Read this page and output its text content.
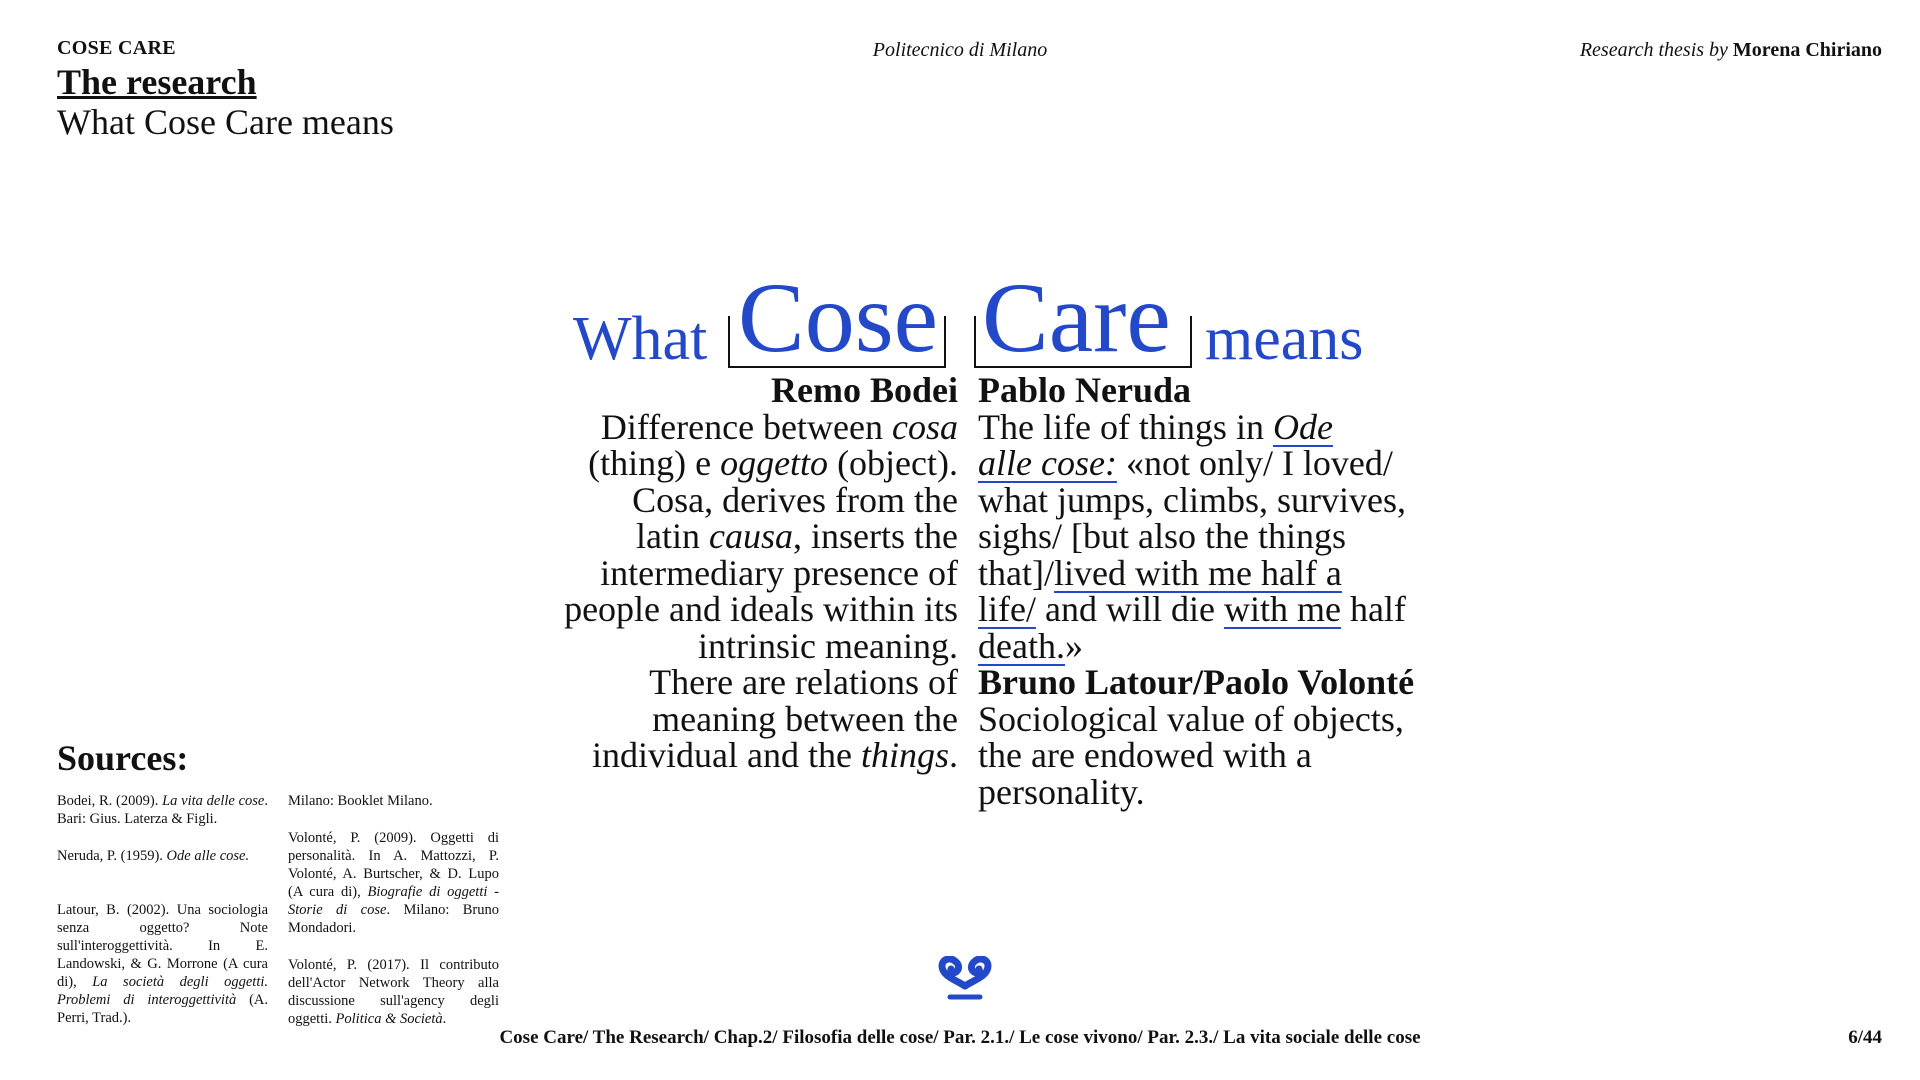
COSE CARE
The research
What Cose Care means
Politecnico di Milano	Research thesis by Morena Chiriano
What Cose Care means
Remo Bodei
Difference between cosa
(thing) e oggetto (object).
Cosa, derives from the
latin causa, inserts the
intermediary presence of
people and ideals within its
intrinsic meaning.
There are relations of
meaning between the
individual and the things.
Pablo Neruda
The life of things in Ode
alle cose: «not only/ I loved/
what jumps, climbs, survives,
sighs/ [but also the things
that]/lived with me half a
life/ and will die with me half
death.»
Bruno Latour/Paolo Volonté
Sociological value of objects,
the are endowed with a
personality.
Sources:

Bodei, R. (2009). La vita delle cose. Bari: Gius. Laterza & Figli.

Neruda, P. (1959). Ode alle cose.

Latour, B. (2002). Una sociologia senza oggetto? Note sull'interoggettività. In E. Landowski, & G. Morrone (A cura di), La società degli oggetti. Problemi di interoggettività (A. Perri, Trad.).

Milano: Booklet Milano.

Volonté, P. (2009). Oggetti di personalità. In A. Mattozzi, P. Volonté, A. Burtscher, & D. Lupo (A cura di), Biografie di oggetti - Storie di cose. Milano: Bruno Mondadori.

Volonté, P. (2017). Il contributo dell'Actor Network Theory alla discussione sull'agency degli oggetti. Politica & Società.

Cose Care/ The Research/ Chap.2/ Filosofia delle cose/ Par. 2.1./ Le cose vivono/ Par. 2.3./ La vita sociale delle cose	6/44
